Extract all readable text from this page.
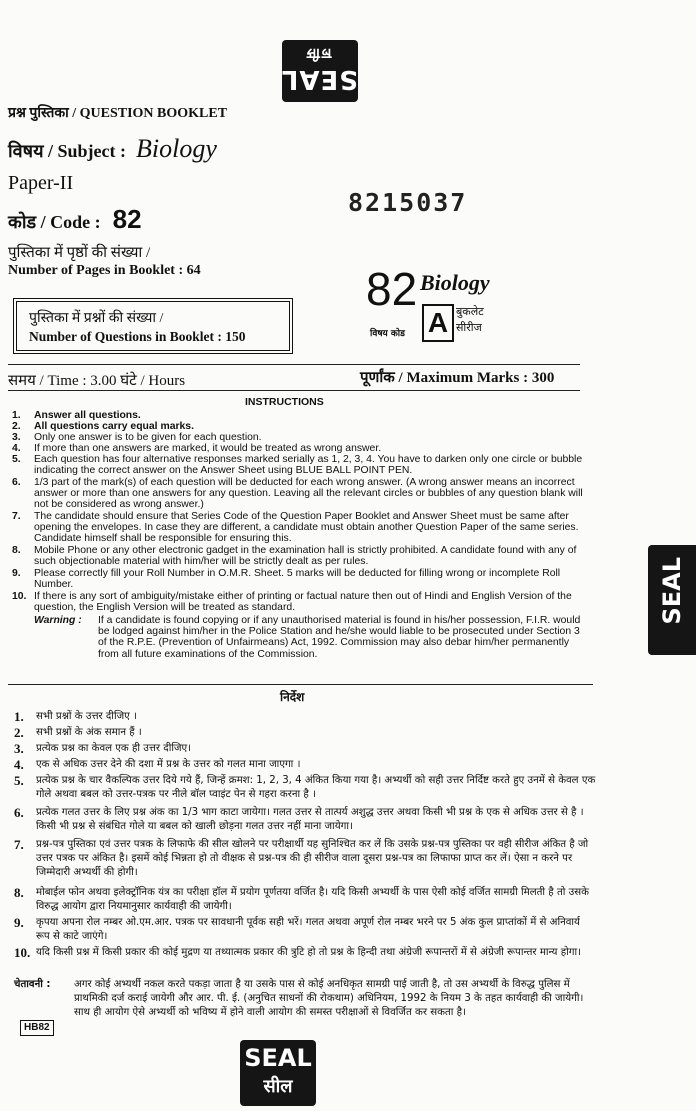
सील
SEAL
SEAL
SEAL
सील
प्रश्न पुस्तिका / QUESTION BOOKLET
विषय / Subject : Biology
Paper-II
कोड / Code : 82
8215037
पुस्तिका में पृष्ठों की संख्या /
Number of Pages in Booklet : 64
पुस्तिका में प्रश्नों की संख्या /
Number of Questions in Booklet : 150
82 Biology
विषय कोड A बुकलेट
सीरीज
समय / Time : 3.00 घंटे / Hours	पूर्णांक / Maximum Marks : 300
INSTRUCTIONS
1. Answer all questions.
2. All questions carry equal marks.
3. Only one answer is to be given for each question.
4. If more than one answers are marked, it would be treated as wrong answer.
5. Each question has four alternative responses marked serially as 1, 2, 3, 4. You have to darken only one circle or bubble indicating the correct answer on the Answer Sheet using BLUE BALL POINT PEN.
6. 1/3 part of the mark(s) of each question will be deducted for each wrong answer. (A wrong answer means an incorrect answer or more than one answers for any question. Leaving all the relevant circles or bubbles of any question blank will not be considered as wrong answer.)
7. The candidate should ensure that Series Code of the Question Paper Booklet and Answer Sheet must be same after opening the envelopes. In case they are different, a candidate must obtain another Question Paper of the same series. Candidate himself shall be responsible for ensuring this.
8. Mobile Phone or any other electronic gadget in the examination hall is strictly prohibited. A candidate found with any of such objectionable material with him/her will be strictly dealt as per rules.
9. Please correctly fill your Roll Number in O.M.R. Sheet. 5 marks will be deducted for filling wrong or incomplete Roll Number.
10. If there is any sort of ambiguity/mistake either of printing or factual nature then out of Hindi and English Version of the question, the English Version will be treated as standard.
Warning : If a candidate is found copying or if any unauthorised material is found in his/her possession, F.I.R. would be lodged against him/her in the Police Station and he/she would liable to be prosecuted under Section 3 of the R.P.E. (Prevention of Unfairmeans) Act, 1992. Commission may also debar him/her permanently from all future examinations of the Commission.
निर्देश
1. सभी प्रश्नों के उत्तर दीजिए ।
2. सभी प्रश्नों के अंक समान हैं ।
3. प्रत्येक प्रश्न का केवल एक ही उत्तर दीजिए।
4. एक से अधिक उत्तर देने की दशा में प्रश्न के उत्तर को गलत माना जाएगा ।
5. प्रत्येक प्रश्न के चार वैकल्पिक उत्तर दिये गये हैं, जिन्हें क्रमश: 1, 2, 3, 4 अंकित किया गया है। अभ्यर्थी को सही उत्तर निर्दिष्ट करते हुए उनमें से केवल एक गोले अथवा बबल को उत्तर-पत्रक पर नीले बॉल प्वाइंट पेन से गहरा करना है ।
6. प्रत्येक गलत उत्तर के लिए प्रश्न अंक का 1/3 भाग काटा जायेगा। गलत उत्तर से तात्पर्य अशुद्ध उत्तर अथवा किसी भी प्रश्न के एक से अधिक उत्तर से है । किसी भी प्रश्न से संबंधित गोले या बबल को खाली छोड़ना गलत उत्तर नहीं माना जायेगा।
7. प्रश्न-पत्र पुस्तिका एवं उत्तर पत्रक के लिफाफे की सील खोलने पर परीक्षार्थी यह सुनिश्चित कर लें कि उसके प्रश्न-पत्र पुस्तिका पर वही सीरीज अंकित है जो उत्तर पत्रक पर अंकित है। इसमें कोई भिन्नता हो तो वीक्षक से प्रश्न-पत्र की ही सीरीज वाला दूसरा प्रश्न-पत्र का लिफाफा प्राप्त कर लें। ऐसा न करने पर जिम्मेदारी अभ्यर्थी की होगी।
8. मोबाईल फोन अथवा इलेक्ट्रॉनिक यंत्र का परीक्षा हॉल में प्रयोग पूर्णतया वर्जित है। यदि किसी अभ्यर्थी के पास ऐसी कोई वर्जित सामग्री मिलती है तो उसके विरुद्ध आयोग द्वारा नियमानुसार कार्यवाही की जायेगी।
9. कृपया अपना रोल नम्बर ओ.एम.आर. पत्रक पर सावधानी पूर्वक सही भरें। गलत अथवा अपूर्ण रोल नम्बर भरने पर 5 अंक कुल प्राप्तांकों में से अनिवार्य रूप से काटे जाएंगे।
10. यदि किसी प्रश्न में किसी प्रकार की कोई मुद्रण या तथ्यात्मक प्रकार की त्रुटि हो तो प्रश्न के हिन्दी तथा अंग्रेजी रूपान्तरों में से अंग्रेजी रूपान्तर मान्य होगा।
चेतावनी : अगर कोई अभ्यर्थी नकल करते पकड़ा जाता है या उसके पास से कोई अनधिकृत सामग्री पाई जाती है, तो उस अभ्यर्थी के विरुद्ध पुलिस में प्राथमिकी दर्ज कराई जायेगी और आर. पी. ई. (अनुचित साधनों की रोकथाम) अधिनियम, 1992 के नियम 3 के तहत कार्यवाही की जायेगी। साथ ही आयोग ऐसे अभ्यर्थी को भविष्य में होने वाली आयोग की समस्त परीक्षाओं से विवर्जित कर सकता है।
HB82
